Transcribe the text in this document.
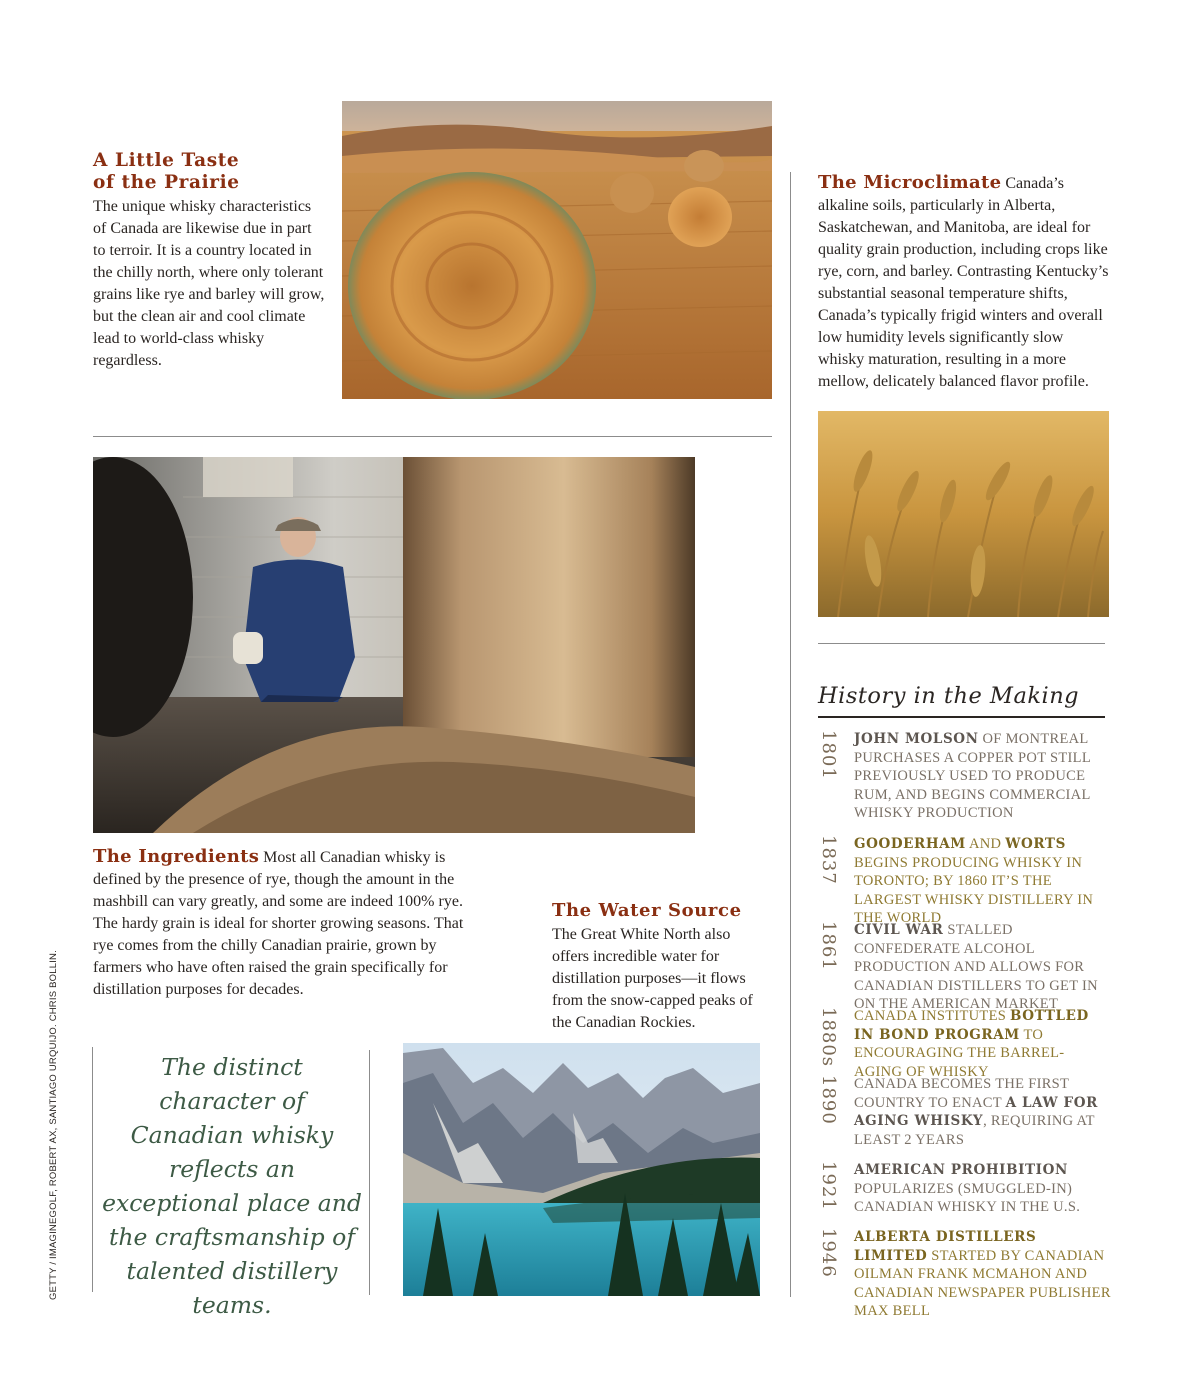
A Little Taste
of the Prairie
The unique whisky characteristics of Canada are likewise due in part to terroir. It is a country located in the chilly north, where only tolerant grains like rye and barley will grow, but the clean air and cool climate lead to world-class whisky regardless.
The Microclimate Canada’s alkaline soils, particularly in Alberta, Saskatchewan, and Manitoba, are ideal for quality grain production, including crops like rye, corn, and barley. Contrasting Kentucky’s substantial seasonal temperature shifts, Canada’s typically frigid winters and overall low humidity levels significantly slow whisky maturation, resulting in a more mellow, delicately balanced flavor profile.
History in the Making
1801 JOHN MOLSON OF MONTREAL PURCHASES A COPPER POT STILL PREVIOUSLY USED TO PRODUCE RUM, AND BEGINS COMMERCIAL WHISKY PRODUCTION
1837 GOODERHAM AND WORTS BEGINS PRODUCING WHISKY IN TORONTO; BY 1860 IT’S THE LARGEST WHISKY DISTILLERY IN THE WORLD
1861 CIVIL WAR STALLED CONFEDERATE ALCOHOL PRODUCTION AND ALLOWS FOR CANADIAN DISTILLERS TO GET IN ON THE AMERICAN MARKET
1880s CANADA INSTITUTES BOTTLED IN BOND PROGRAM TO ENCOURAGING THE BARREL-AGING OF WHISKY
1890 CANADA BECOMES THE FIRST COUNTRY TO ENACT A LAW FOR AGING WHISKY, REQUIRING AT LEAST 2 YEARS
1921 AMERICAN PROHIBITION POPULARIZES (SMUGGLED-IN) CANADIAN WHISKY IN THE U.S.
1946 ALBERTA DISTILLERS LIMITED STARTED BY CANADIAN OILMAN FRANK MCMAHON AND CANADIAN NEWSPAPER PUBLISHER MAX BELL
The Ingredients Most all Canadian whisky is defined by the presence of rye, though the amount in the mashbill can vary greatly, and some are indeed 100% rye. The hardy grain is ideal for shorter growing seasons. That rye comes from the chilly Canadian prairie, grown by farmers who have often raised the grain specifically for distillation purposes for decades.
The Water Source
The Great White North also offers incredible water for distillation purposes—it flows from the snow-capped peaks of the Canadian Rockies.
The distinct character of Canadian whisky reflects an exceptional place and the craftsmanship of talented distillery teams.
GETTY / IMAGINEGOLF, ROBERT AX, SANTIAGO URQUIJO. CHRIS BOLLIN.
